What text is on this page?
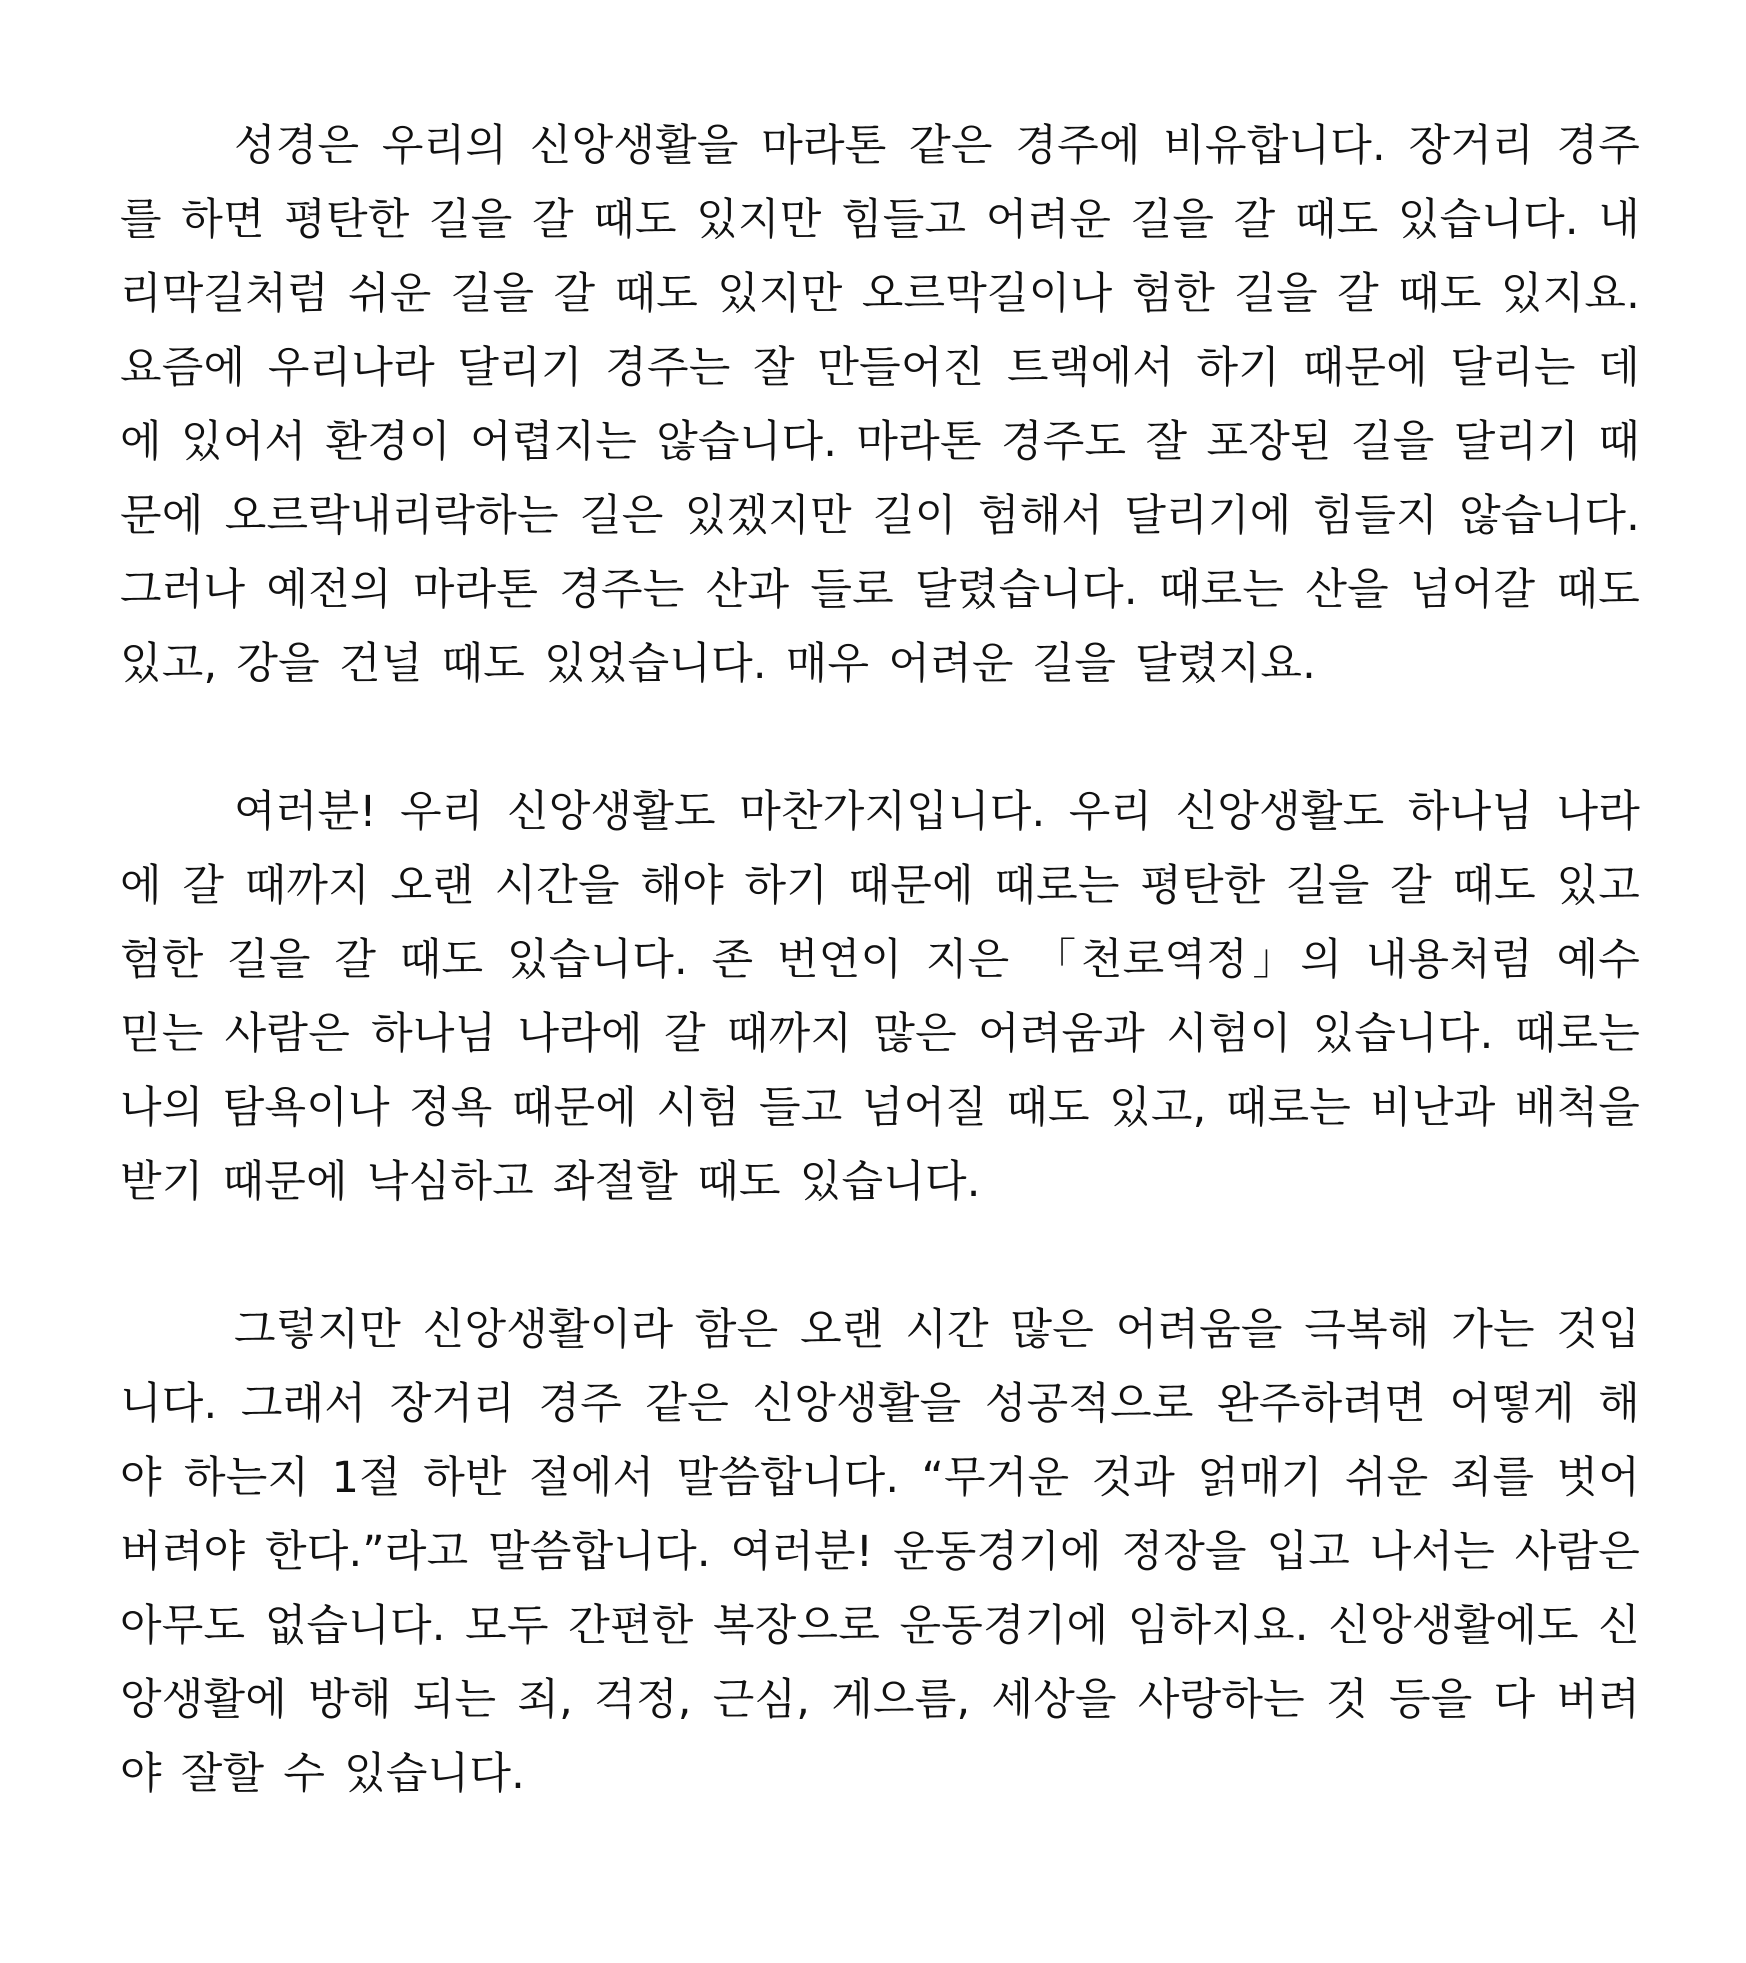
성경은 우리의 신앙생활을 마라톤 같은 경주에 비유합니다. 장거리 경주를 하면 평탄한 길을 갈 때도 있지만 힘들고 어려운 길을 갈 때도 있습니다. 내리막길처럼 쉬운 길을 갈 때도 있지만 오르막길이나 험한 길을 갈 때도 있지요. 요즘에 우리나라 달리기 경주는 잘 만들어진 트랙에서 하기 때문에 달리는 데에 있어서 환경이 어렵지는 않습니다. 마라톤 경주도 잘 포장된 길을 달리기 때문에 오르락내리락하는 길은 있겠지만 길이 험해서 달리기에 힘들지 않습니다. 그러나 예전의 마라톤 경주는 산과 들로 달렸습니다. 때로는 산을 넘어갈 때도 있고, 강을 건널 때도 있었습니다. 매우 어려운 길을 달렸지요.

여러분! 우리 신앙생활도 마찬가지입니다. 우리 신앙생활도 하나님 나라에 갈 때까지 오랜 시간을 해야 하기 때문에 때로는 평탄한 길을 갈 때도 있고 험한 길을 갈 때도 있습니다. 존 번연이 지은 「천로역정」의 내용처럼 예수 믿는 사람은 하나님 나라에 갈 때까지 많은 어려움과 시험이 있습니다. 때로는 나의 탐욕이나 정욕 때문에 시험 들고 넘어질 때도 있고, 때로는 비난과 배척을 받기 때문에 낙심하고 좌절할 때도 있습니다.

그렇지만 신앙생활이라 함은 오랜 시간 많은 어려움을 극복해 가는 것입니다. 그래서 장거리 경주 같은 신앙생활을 성공적으로 완주하려면 어떻게 해야 하는지 1절 하반 절에서 말씀합니다. “무거운 것과 얽매기 쉬운 죄를 벗어 버려야 한다.”라고 말씀합니다. 여러분! 운동경기에 정장을 입고 나서는 사람은 아무도 없습니다. 모두 간편한 복장으로 운동경기에 임하지요. 신앙생활에도 신앙생활에 방해 되는 죄, 걱정, 근심, 게으름, 세상을 사랑하는 것 등을 다 버려야 잘할 수 있습니다.
